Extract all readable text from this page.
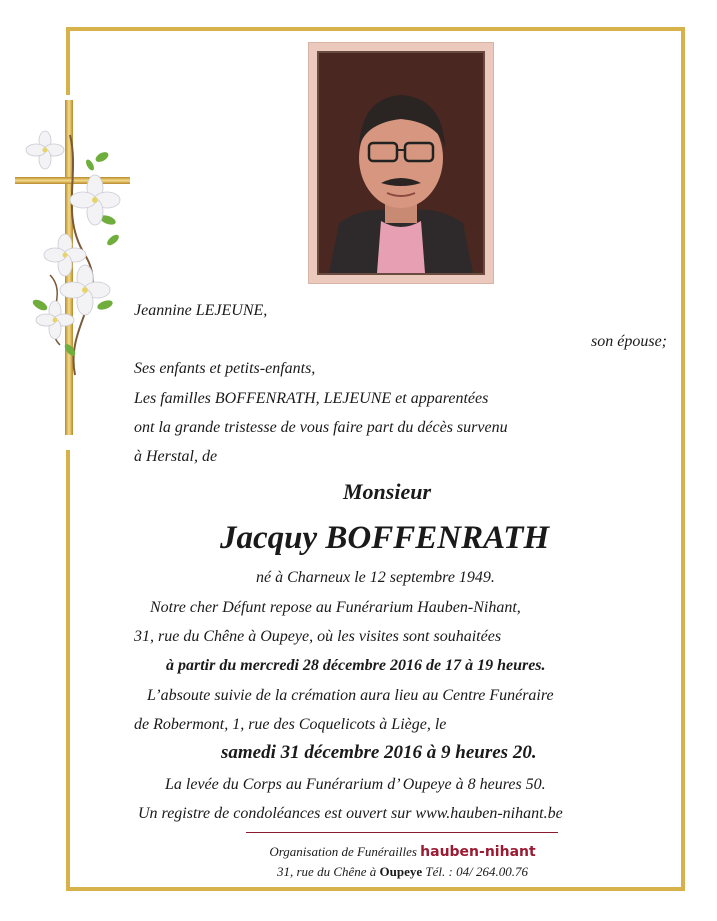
Jeannine LEJEUNE,
son épouse;
Ses enfants et petits-enfants,
Les familles BOFFENRATH, LEJEUNE et apparentées
ont la grande tristesse de vous faire part du décès survenu
à Herstal, de
Monsieur
Jacquy BOFFENRATH
né à Charneux le 12 septembre 1949.
Notre cher Défunt repose au Funérarium Hauben-Nihant,
31, rue du Chêne à Oupeye, où les visites sont souhaitées
à partir du mercredi 28 décembre 2016 de 17 à 19 heures.
L’absoute suivie de la crémation aura lieu au Centre Funéraire
de Robermont, 1, rue des Coquelicots à Liège, le
samedi 31 décembre 2016 à 9 heures 20.
La levée du Corps au Funérarium d’ Oupeye à 8 heures 50.
Un registre de condoléances est ouvert sur www.hauben-nihant.be
Organisation de Funérailles hauben-nihant
31, rue du Chêne à Oupeye Tél. : 04/ 264.00.76
